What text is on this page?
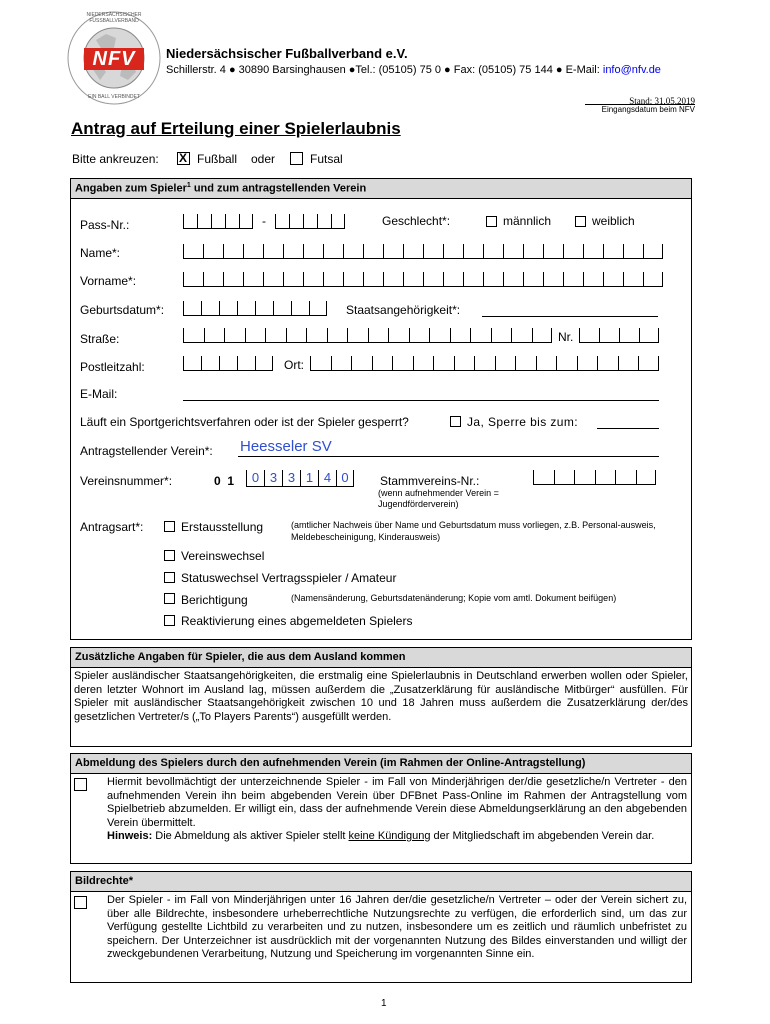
NFV
NIEDERSÄCHSISCHER FUSSBALLVERBAND
EIN BALL VERBINDET
Niedersächsischer Fußballverband e.V.
Schillerstr. 4 ● 30890 Barsinghausen ●Tel.: (05105) 75 0 ● Fax: (05105) 75 144 ● E-Mail: info@nfv.de
Stand: 31.05.2019
Eingangsdatum beim NFV
Antrag auf Erteilung einer Spielerlaubnis
Bitte ankreuzen: X Fußball oder	Futsal
Angaben zum Spieler$^1$ und zum antragstellenden Verein
Pass-Nr.:	-	Geschlecht*:	männlich	weiblich
Name*:
Vorname*:
Geburtsdatum*:	Staatsangehörigkeit*:
Straße:	Nr.
Postleitzahl:	Ort:
E-Mail:
Läuft ein Sportgerichtsverfahren oder ist der Spieler gesperrt?	Ja, Sperre bis zum:
Antragstellender Verein*: Heesseler SV
Vereinsnummer*:	0  1	0 3 3 1 4 0	Stammvereins-Nr.:
(wenn aufnehmender Verein =
Jugendförderverein)
Antragsart*:	Erstausstellung	(amtlicher Nachweis über Name und Geburtsdatum muss vorliegen, z.B. Personal-ausweis, Meldebescheinigung, Kinderausweis)
Vereinswechsel
Statuswechsel Vertragsspieler / Amateur
Berichtigung	(Namensänderung, Geburtsdatenänderung; Kopie vom amtl. Dokument beifügen)
Reaktivierung eines abgemeldeten Spielers
Zusätzliche Angaben für Spieler, die aus dem Ausland kommen
Spieler ausländischer Staatsangehörigkeiten, die erstmalig eine Spielerlaubnis in Deutschland erwerben wollen oder Spieler, deren letzter Wohnort im Ausland lag, müssen außerdem die „Zusatzerklärung für ausländische Mitbürger“ ausfüllen. Für Spieler mit ausländischer Staatsangehörigkeit zwischen 10 und 18 Jahren muss außerdem die Zusatzerklärung der/des gesetzlichen Vertreter/s („To Players Parents“) ausgefüllt werden.
Abmeldung des Spielers durch den aufnehmenden Verein (im Rahmen der Online-Antragstellung)
Hiermit bevollmächtigt der unterzeichnende Spieler - im Fall von Minderjährigen der/die gesetzliche/n Vertreter - den aufnehmenden Verein ihn beim abgebenden Verein über DFBnet Pass-Online im Rahmen der Antragstellung vom Spielbetrieb abzumelden. Er willigt ein, dass der aufnehmende Verein diese Abmeldungserklärung an den abgebenden Verein übermittelt.
Hinweis: Die Abmeldung als aktiver Spieler stellt keine Kündigung der Mitgliedschaft im abgebenden Verein dar.
Bildrechte*
Der Spieler - im Fall von Minderjährigen unter 16 Jahren der/die gesetzliche/n Vertreter – oder der Verein sichert zu, über alle Bildrechte, insbesondere urheberrechtliche Nutzungsrechte zu verfügen, die erforderlich sind, um das zur Verfügung gestellte Lichtbild zu verarbeiten und zu nutzen, insbesondere um es zeitlich und räumlich unbefristet zu speichern. Der Unterzeichner ist ausdrücklich mit der vorgenannten Nutzung des Bildes einverstanden und willigt der zweckgebundenen Verarbeitung, Nutzung und Speicherung im vorgenannten Sinne ein.
1
